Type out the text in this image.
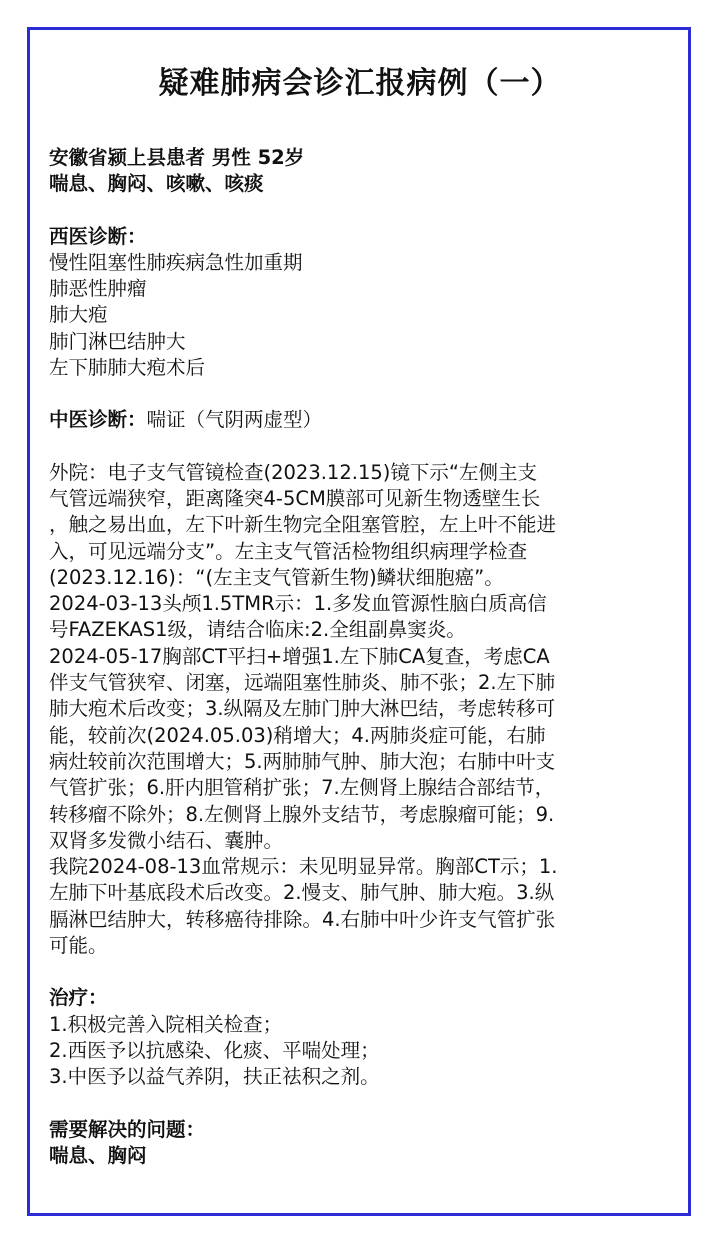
疑难肺病会诊汇报病例（一）
安徽省颍上县患者 男性 52岁
喘息、胸闷、咳嗽、咳痰
西医诊断：
慢性阻塞性肺疾病急性加重期
肺恶性肿瘤
肺大疱
肺门淋巴结肿大
左下肺肺大疱术后
中医诊断：喘证（气阴两虚型）
外院：电子支气管镜检查(2023.12.15)镜下示“左侧主支
气管远端狭窄，距离隆突4-5CM膜部可见新生物透壁生长
，触之易出血，左下叶新生物完全阻塞管腔，左上叶不能进
入，可见远端分支”。左主支气管活检物组织病理学检查
(2023.12.16)：“(左主支气管新生物)鳞状细胞癌”。
2024-03-13头颅1.5TMR示：1.多发血管源性脑白质高信
号FAZEKAS1级，请结合临床:2.全组副鼻窦炎。
2024-05-17胸部CT平扫+增强1.左下肺CA复查，考虑CA
伴支气管狭窄、闭塞，远端阻塞性肺炎、肺不张；2.左下肺
肺大疱术后改变；3.纵隔及左肺门肿大淋巴结，考虑转移可
能，较前次(2024.05.03)稍增大；4.两肺炎症可能，右肺
病灶较前次范围增大；5.两肺肺气肿、肺大泡；右肺中叶支
气管扩张；6.肝内胆管稍扩张；7.左侧肾上腺结合部结节，
转移瘤不除外；8.左侧肾上腺外支结节，考虑腺瘤可能；9.
双肾多发微小结石、囊肿。
我院2024-08-13血常规示：未见明显异常。胸部CT示；1.
左肺下叶基底段术后改变。2.慢支、肺气肿、肺大疱。3.纵
膈淋巴结肿大，转移癌待排除。4.右肺中叶少许支气管扩张
可能。
治疗：
1.积极完善入院相关检查；
2.西医予以抗感染、化痰、平喘处理；
3.中医予以益气养阴，扶正祛积之剂。
需要解决的问题：
喘息、胸闷
